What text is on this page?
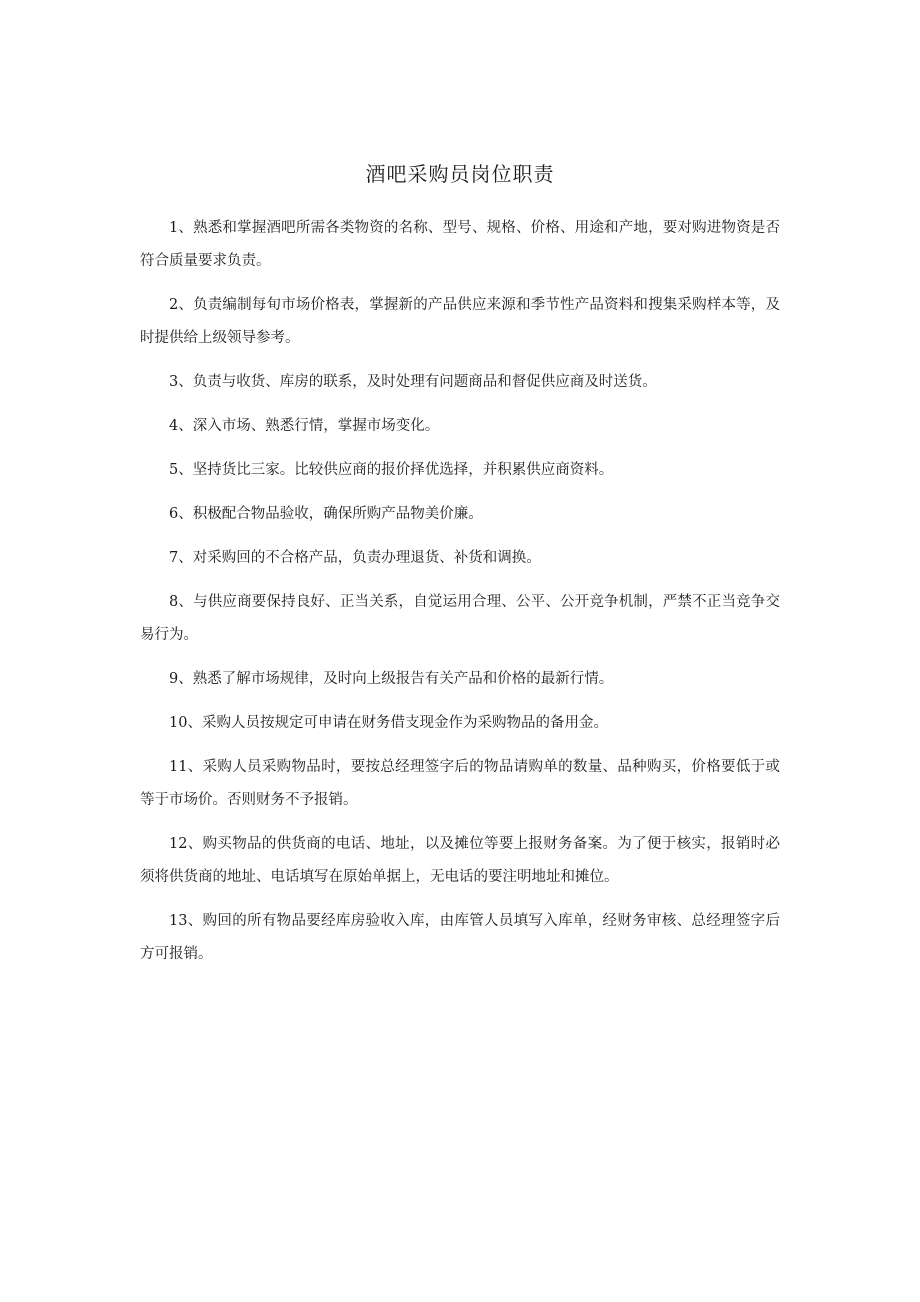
酒吧采购员岗位职责

1、熟悉和掌握酒吧所需各类物资的名称、型号、规格、价格、用途和产地，要对购进物资是否符合质量要求负责。

2、负责编制每旬市场价格表，掌握新的产品供应来源和季节性产品资料和搜集采购样本等，及时提供给上级领导参考。

3、负责与收货、库房的联系，及时处理有问题商品和督促供应商及时送货。

4、深入市场、熟悉行情，掌握市场变化。

5、坚持货比三家。比较供应商的报价择优选择，并积累供应商资料。

6、积极配合物品验收，确保所购产品物美价廉。

7、对采购回的不合格产品，负责办理退货、补货和调换。

8、与供应商要保持良好、正当关系，自觉运用合理、公平、公开竞争机制，严禁不正当竞争交易行为。

9、熟悉了解市场规律，及时向上级报告有关产品和价格的最新行情。

10、采购人员按规定可申请在财务借支现金作为采购物品的备用金。

11、采购人员采购物品时，要按总经理签字后的物品请购单的数量、品种购买，价格要低于或等于市场价。否则财务不予报销。

12、购买物品的供货商的电话、地址，以及摊位等要上报财务备案。为了便于核实，报销时必须将供货商的地址、电话填写在原始单据上，无电话的要注明地址和摊位。

13、购回的所有物品要经库房验收入库，由库管人员填写入库单，经财务审核、总经理签字后方可报销。
